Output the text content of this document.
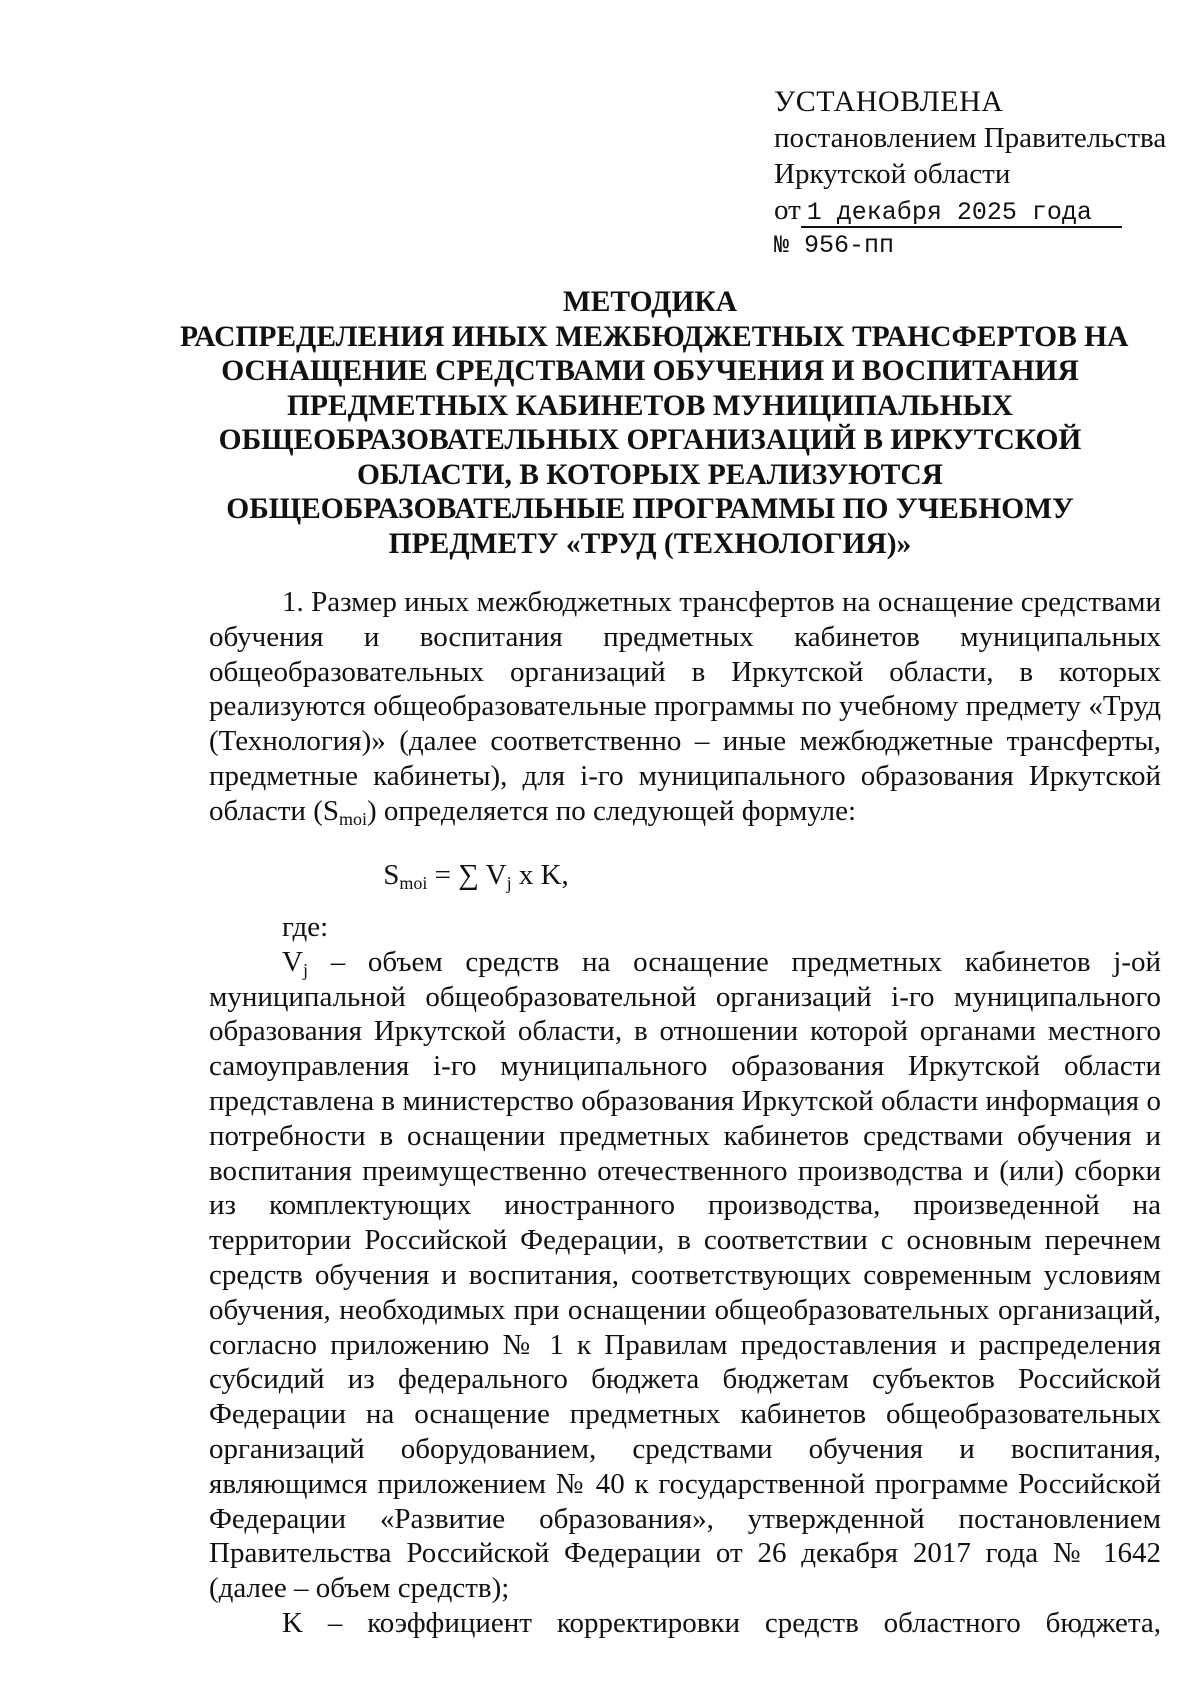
УСТАНОВЛЕНА
постановлением Правительства
Иркутской области
от 1 декабря 2025 года
№ 956-пп
МЕТОДИКА
РАСПРЕДЕЛЕНИЯ ИНЫХ МЕЖБЮДЖЕТНЫХ ТРАНСФЕРТОВ НА
ОСНАЩЕНИЕ СРЕДСТВАМИ ОБУЧЕНИЯ И ВОСПИТАНИЯ
ПРЕДМЕТНЫХ КАБИНЕТОВ МУНИЦИПАЛЬНЫХ
ОБЩЕОБРАЗОВАТЕЛЬНЫХ ОРГАНИЗАЦИЙ В ИРКУТСКОЙ
ОБЛАСТИ, В КОТОРЫХ РЕАЛИЗУЮТСЯ
ОБЩЕОБРАЗОВАТЕЛЬНЫЕ ПРОГРАММЫ ПО УЧЕБНОМУ
ПРЕДМЕТУ «ТРУД (ТЕХНОЛОГИЯ)»

1. Размер иных межбюджетных трансфертов на оснащение средствами обучения и воспитания предметных кабинетов муниципальных общеобразовательных организаций в Иркутской области, в которых реализуются общеобразовательные программы по учебному предмету «Труд (Технология)» (далее соответственно – иные межбюджетные трансферты, предметные кабинеты), для i-го муниципального образования Иркутской области $(S_{moi})$ определяется по следующей формуле:

$S_{moi}$ = ∑ $V_j$ x K,

где:

$V_j$ – объем средств на оснащение предметных кабинетов j-ой муниципальной общеобразовательной организаций i-го муниципального образования Иркутской области, в отношении которой органами местного самоуправления i-го муниципального образования Иркутской области представлена в министерство образования Иркутской области информация о потребности в оснащении предметных кабинетов средствами обучения и воспитания преимущественно отечественного производства и (или) сборки из комплектующих иностранного производства, произведенной на территории Российской Федерации, в соответствии с основным перечнем средств обучения и воспитания, соответствующих современным условиям обучения, необходимых при оснащении общеобразовательных организаций, согласно приложению № 1 к Правилам предоставления и распределения субсидий из федерального бюджета бюджетам субъектов Российской Федерации на оснащение предметных кабинетов общеобразовательных организаций оборудованием, средствами обучения и воспитания, являющимся приложением № 40 к государственной программе Российской Федерации «Развитие образования», утвержденной постановлением Правительства Российской Федерации от 26 декабря 2017 года № 1642 (далее – объем средств);

K – коэффициент корректировки средств областного бюджета,
